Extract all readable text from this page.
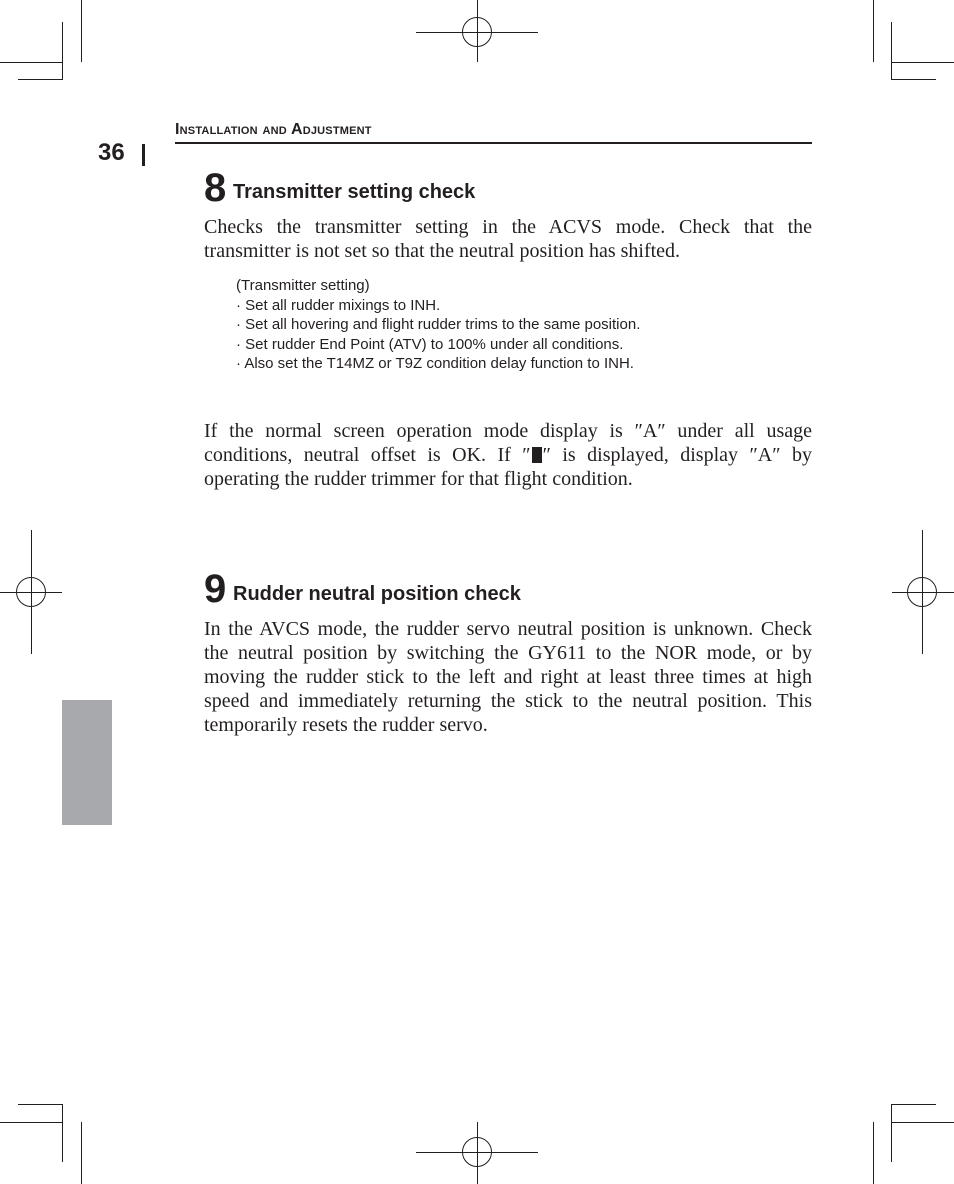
Installation and Adjustment
36
8 Transmitter setting check

Checks the transmitter setting in the ACVS mode. Check that the transmitter is not set so that the neutral position has shifted.

(Transmitter setting)
· Set all rudder mixings to INH.
· Set all hovering and flight rudder trims to the same position.
· Set rudder End Point (ATV) to 100% under all conditions.
· Also set the T14MZ or T9Z condition delay function to INH.

If the normal screen operation mode display is ″A″ under all usage conditions, neutral offset is OK. If ″ ″ is displayed, display ″A″ by operating the rudder trimmer for that flight condition.

9 Rudder neutral position check

In the AVCS mode, the rudder servo neutral position is unknown. Check the neutral position by switching the GY611 to the NOR mode, or by moving the rudder stick to the left and right at least three times at high speed and immediately returning the stick to the neutral position. This temporarily resets the rudder servo.
